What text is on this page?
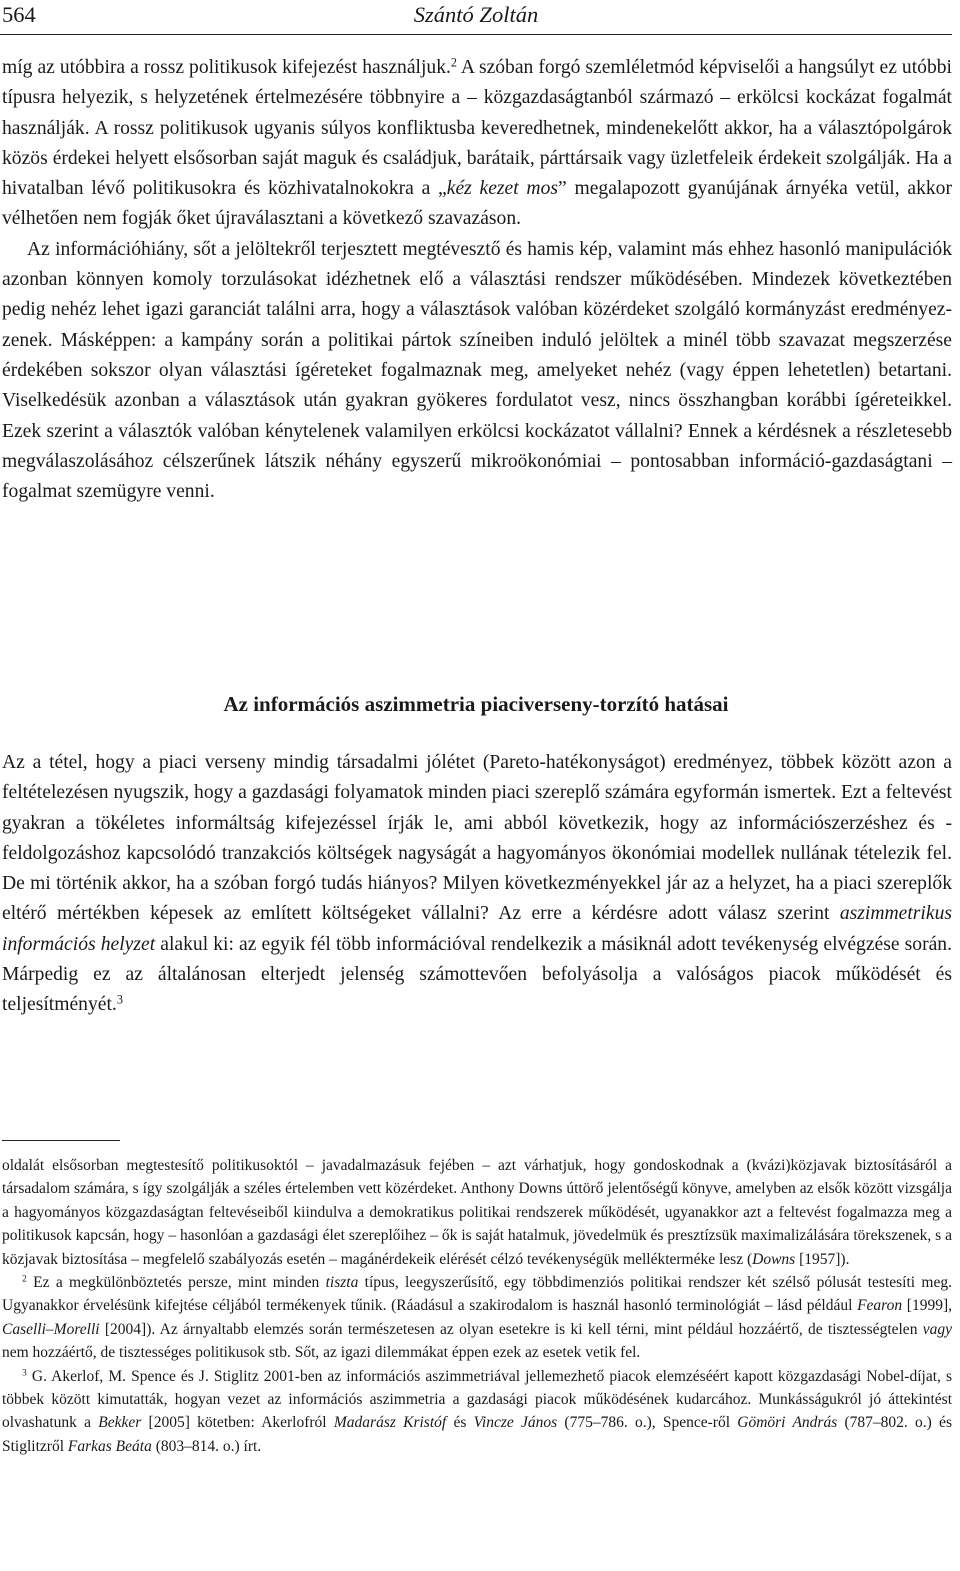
564	Szántó Zoltán

míg az utóbbira a rossz politikusok kifejezést használjuk.$^2$ A szóban forgó szemléletmód képviselői a hangsúlyt ez utóbbi típusra helyezik, s helyzetének értelmezésére többnyire a – közgazdaságtanból származó – erkölcsi kockázat fogalmát használják. A rossz politikusok ugyanis súlyos konfliktusba keveredhetnek, mindenekelőtt akkor, ha a választópolgárok közös érdekei helyett elsősorban saját maguk és családjuk, barátaik, párttársaik vagy üzletfeleik érdekeit szolgálják. Ha a hivatalban lévő politikusokra és közhivatalnokokra a „kéz kezet mos” megalapozott gyanújának árnyéka vetül, akkor vélhetően nem fogják őket újraválasztani a következő szavazáson.

Az információhiány, sőt a jelöltekről terjesztett megtévesztő és hamis kép, valamint más ehhez hasonló manipulációk azonban könnyen komoly torzulásokat idézhetnek elő a választási rendszer működésében. Mindezek következtében pedig nehéz lehet igazi garanciát találni arra, hogy a választások valóban közérdeket szolgáló kormányzást eredményezzenek. Másképpen: a kampány során a politikai pártok színeiben induló jelöltek a minél több szavazat megszerzése érdekében sokszor olyan választási ígéreteket fogalmaznak meg, amelyeket nehéz (vagy éppen lehetetlen) betartani. Viselkedésük azonban a választások után gyakran gyökeres fordulatot vesz, nincs összhangban korábbi ígéreteikkel. Ezek szerint a választók valóban kénytelenek valamilyen erkölcsi kockázatot vállalni? Ennek a kérdésnek a részletesebb megválaszolásához célszerűnek látszik néhány egyszerű mikroökonómiai – pontosabban információ-gazdaságtani – fogalmat szemügyre venni.

Az információs aszimmetria piaciverseny-torzító hatásai

Az a tétel, hogy a piaci verseny mindig társadalmi jólétet (Pareto-hatékonyságot) eredményez, többek között azon a feltételezésen nyugszik, hogy a gazdasági folyamatok minden piaci szereplő számára egyformán ismertek. Ezt a feltevést gyakran a tökéletes informáltság kifejezéssel írják le, ami abból következik, hogy az információszerzéshez és -feldolgozáshoz kapcsolódó tranzakciós költségek nagyságát a hagyományos ökonómiai modellek nullának tételezik fel. De mi történik akkor, ha a szóban forgó tudás hiányos? Milyen következményekkel jár az a helyzet, ha a piaci szereplők eltérő mértékben képesek az említett költségeket vállalni? Az erre a kérdésre adott válasz szerint aszimmetrikus információs helyzet alakul ki: az egyik fél több információval rendelkezik a másiknál adott tevékenység elvégzése során. Márpedig ez az általánosan elterjedt jelenség számottevően befolyásolja a valóságos piacok működését és teljesítményét.$^3$

oldalát elsősorban megtestesítő politikusoktól – javadalmazásuk fejében – azt várhatjuk, hogy gondoskodnak a (kvázi)közjavak biztosításáról a társadalom számára, s így szolgálják a széles értelemben vett közérdeket. Anthony Downs úttörő jelentőségű könyve, amelyben az elsők között vizsgálja a hagyományos közgazdaságtan feltevéseiből kiindulva a demokratikus politikai rendszerek működését, ugyanakkor azt a feltevést fogalmazza meg a politikusok kapcsán, hogy – hasonlóan a gazdasági élet szereplőihez – ők is saját hatalmuk, jövedelmük és presztízsük maximalizálására törekszenek, s a közjavak biztosítása – megfelelő szabályozás esetén – magánérdekeik elérését célzó tevékenységük mellékterméke lesz (Downs [1957]).

$^2$ Ez a megkülönböztetés persze, mint minden tiszta típus, leegyszerűsítő, egy többdimenziós politikai rendszer két szélső pólusát testesíti meg. Ugyanakkor érvelésünk kifejtése céljából termékenyek tűnik. (Ráadásul a szakirodalom is használ hasonló terminológiát – lásd például Fearon [1999], Caselli–Morelli [2004]). Az árnyaltabb elemzés során természetesen az olyan esetekre is ki kell térni, mint például hozzáértő, de tisztességtelen vagy nem hozzáértő, de tisztességes politikusok stb. Sőt, az igazi dilemmákat éppen ezek az esetek vetik fel.

$^3$ G. Akerlof, M. Spence és J. Stiglitz 2001-ben az információs aszimmetriával jellemezhető piacok elemzéséért kapott közgazdasági Nobel-díjat, s többek között kimutatták, hogyan vezet az információs aszimmetria a gazdasági piacok működésének kudarcához. Munkásságukról jó áttekintést olvashatunk a Bekker [2005] kötetben: Akerlofról Madarász Kristóf és Vincze János (775–786. o.), Spence-ről Gömöri András (787–802. o.) és Stiglitzről Farkas Beáta (803–814. o.) írt.
